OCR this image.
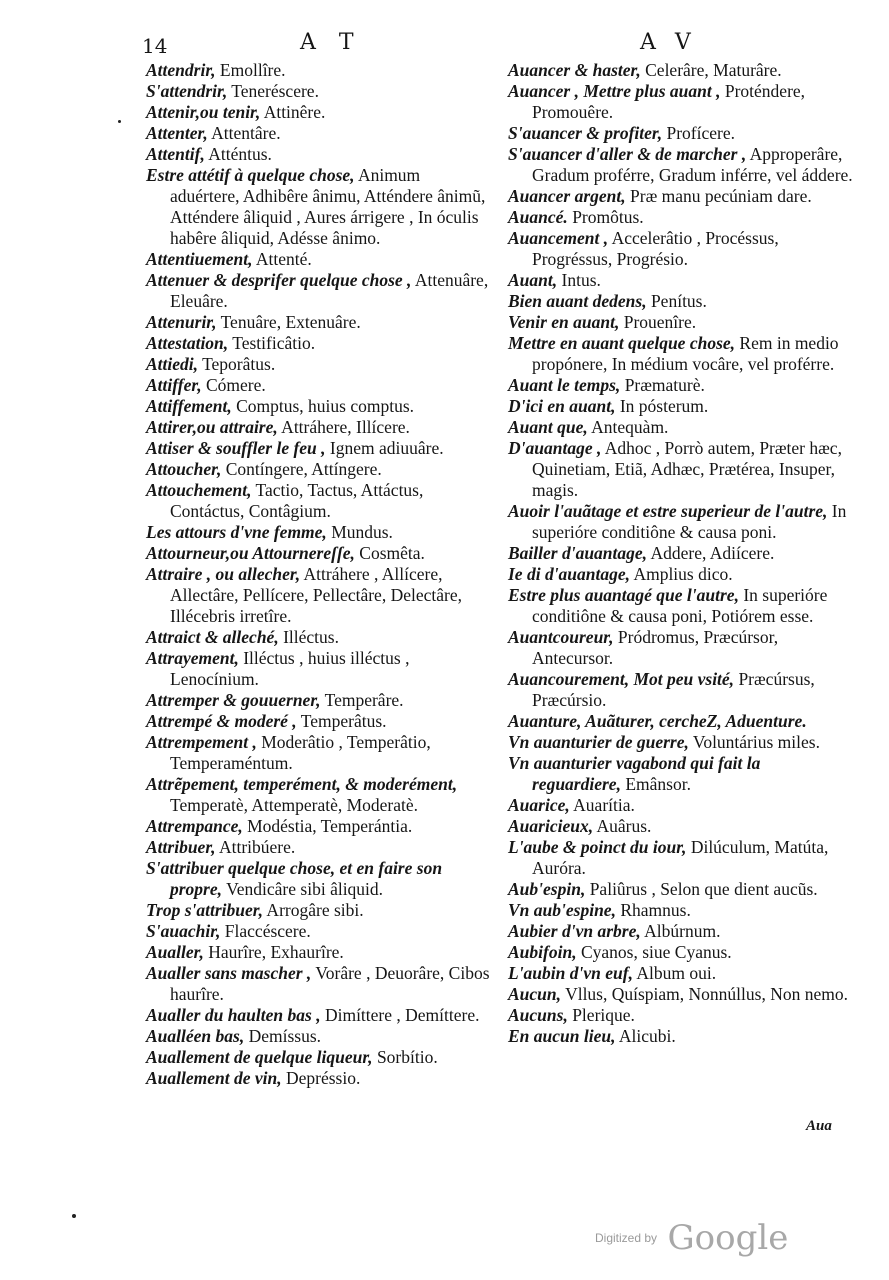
14	A T	A V

Attendrir, Emollîre.

S'attendrir, Teneréscere.

Attenir,ou tenir, Attinêre.

Attenter, Attentâre.

Attentif, Atténtus.

Estre attétif à quelque chose, Animum aduértere, Adhibêre ânimu, Atténdere ânimũ, Atténdere âliquid , Aures árrigere , In óculis habêre âliquid, Adésse ânimo.

Attentiuement, Attenté.

Attenuer & desprifer quelque chose , Attenuâre, Eleuâre.

Attenurir, Tenuâre, Extenuâre.

Attestation, Testificâtio.

Attiedi, Teporâtus.

Attiffer, Cómere.

Attiffement, Comptus, huius comptus.

Attirer,ou attraire, Attráhere, Illícere.

Attiser & souffler le feu , Ignem adiuuâre.

Attoucher, Contíngere, Attíngere.

Attouchement, Tactio, Tactus, Attáctus, Contáctus, Contâgium.

Les attours d'vne femme, Mundus.

Attourneur,ou Attournereſſe, Cosmêta.

Attraire , ou allecher, Attráhere , Allícere, Allectâre, Pellícere, Pellectâre, Delectâre, Illécebris irretîre.

Attraict & alleché, Illéctus.

Attrayement, Illéctus , huius illéctus , Lenocínium.

Attremper & gouuerner, Temperâre.

Attrempé & moderé , Temperâtus.

Attrempement , Moderâtio , Temperâtio, Temperaméntum.

Attrẽpement, temperément, & moderément, Temperatè, Attemperatè, Moderatè.

Attrempance, Modéstia, Temperántia.

Attribuer, Attribúere.

S'attribuer quelque chose, et en faire son propre, Vendicâre sibi âliquid.

Trop s'attribuer, Arrogâre sibi.

S'auachir, Flaccéscere.

Aualler, Haurîre, Exhaurîre.

Aualler sans mascher , Vorâre , Deuorâre, Cibos haurîre.

Aualler du haulten bas , Dimíttere , Demíttere.

Aualléen bas, Demíssus.

Auallement de quelque liqueur, Sorbítio.

Auallement de vin, Depréssio.

Auancer & haster, Celerâre, Maturâre.

Auancer , Mettre plus auant , Proténdere, Promouêre.

S'auancer & profiter, Profícere.

S'auancer d'aller & de marcher , Approperâre, Gradum proférre, Gradum inférre, vel áddere.

Auancer argent, Præ manu pecúniam dare.

Auancé. Promôtus.

Auancement , Accelerâtio , Procéssus, Progréssus, Progrésio.

Auant, Intus.

Bien auant dedens, Penítus.

Venir en auant, Prouenîre.

Mettre en auant quelque chose, Rem in medio propónere, In médium vocâre, vel proférre.

Auant le temps, Prӕmaturè.

D'ici en auant, In pósterum.

Auant que, Antequàm.

D'auantage , Adhoc , Porrò autem, Præter hæc, Quinetiam, Etiã, Adhæc, Prætérea, Insuper, magis.

Auoir l'auãtage et estre superieur de l'autre, In superióre conditiône & causa poni.

Bailler d'auantage, Addere, Adiícere.

Ie di d'auantage, Amplius dico.

Estre plus auantagé que l'autre, In superióre conditiône & causa poni, Potiórem esse.

Auantcoureur, Pródromus, Præcúrsor, Antecursor.

Auancourement, Mot peu vsité, Præcúrsus, Præcúrsio.

Auanture, Auãturer, cercheZ, Aduenture.

Vn auanturier de guerre, Voluntárius miles.

Vn auanturier vagabond qui fait la reguardiere, Emânsor.

Auarice, Auarítia.

Auaricieux, Auârus.

L'aube & poinct du iour, Dilúculum, Matúta, Auróra.

Aub'espin, Paliûrus , Selon que dient aucũs.

Vn aub'espine, Rhamnus.

Aubier d'vn arbre, Albúrnum.

Aubifoin, Cyanos, siue Cyanus.

L'aubin d'vn euf, Album oui.

Aucun, Vllus, Quíspiam, Nonnúllus, Non nemo.

Aucuns, Plerique.

En aucun lieu, Alicubi.

Aua
Digitized by Google
